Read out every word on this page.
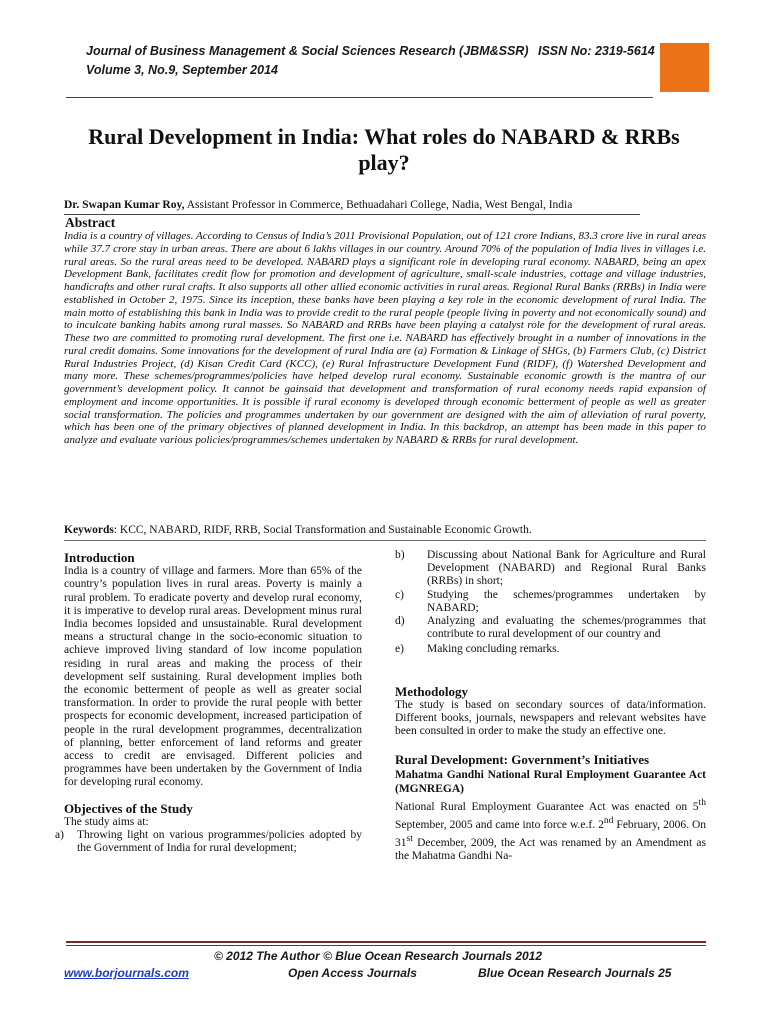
Journal of Business Management & Social Sciences Research (JBM&SSR) ISSN No: 2319-5614
Volume 3, No.9, September 2014
Rural Development in India: What roles do NABARD & RRBs play?
Dr. Swapan Kumar Roy, Assistant Professor in Commerce, Bethuadahari College, Nadia, West Bengal, India
Abstract
India is a country of villages. According to Census of India’s 2011 Provisional Population, out of 121 crore Indians, 83.3 crore live in rural areas while 37.7 crore stay in urban areas. There are about 6 lakhs villages in our country. Around 70% of the population of India lives in villages i.e. rural areas. So the rural areas need to be developed. NABARD plays a significant role in developing rural economy. NABARD, being an apex Development Bank, facilitates credit flow for promotion and development of agriculture, small-scale industries, cottage and village industries, handicrafts and other rural crafts. It also supports all other allied economic activities in rural areas. Regional Rural Banks (RRBs) in India were established in October 2, 1975. Since its inception, these banks have been playing a key role in the economic development of rural India. The main motto of establishing this bank in India was to provide credit to the rural people (people living in poverty and not economically sound) and to inculcate banking habits among rural masses. So NABARD and RRBs have been playing a catalyst role for the development of rural areas. These two are committed to promoting rural development. The first one i.e. NABARD has effectively brought in a number of innovations in the rural credit domains. Some innovations for the development of rural India are (a) Formation & Linkage of SHGs, (b) Farmers Club, (c) District Rural Industries Project, (d) Kisan Credit Card (KCC), (e) Rural Infrastructure Development Fund (RIDF), (f) Watershed Development and many more. These schemes/programmes/policies have helped develop rural economy. Sustainable economic growth is the mantra of our government’s development policy. It cannot be gainsaid that development and transformation of rural economy needs rapid expansion of employment and income opportunities. It is possible if rural economy is developed through economic betterment of people as well as greater social transformation. The policies and programmes undertaken by our government are designed with the aim of alleviation of rural poverty, which has been one of the primary objectives of planned development in India. In this backdrop, an attempt has been made in this paper to analyze and evaluate various policies/programmes/schemes undertaken by NABARD & RRBs for rural development.
Keywords: KCC, NABARD, RIDF, RRB, Social Transformation and Sustainable Economic Growth.
Introduction

India is a country of village and farmers. More than 65% of the country’s population lives in rural areas. Poverty is mainly a rural problem. To eradicate poverty and develop rural economy, it is imperative to develop rural areas. Development minus rural India becomes lopsided and unsustainable. Rural development means a structural change in the socio-economic situation to achieve improved living standard of low income population residing in rural areas and making the process of their development self sustaining. Rural development implies both the economic betterment of people as well as greater social transformation. In order to provide the rural people with better prospects for economic development, increased participation of people in the rural development programmes, decentralization of planning, better enforcement of land reforms and greater access to credit are envisaged. Different policies and programmes have been undertaken by the Government of India for developing rural economy.

Objectives of the Study

The study aims at:

a)	Throwing light on various programmes/policies adopted by the Government of India for rural development;
b)	Discussing about National Bank for Agriculture and Rural Development (NABARD) and Regional Rural Banks (RRBs) in short;
c)	Studying the schemes/programmes undertaken by NABARD;
d)	Analyzing and evaluating the schemes/programmes that contribute to rural development of our country and
e)	Making concluding remarks.
Methodology

The study is based on secondary sources of data/information. Different books, journals, newspapers and relevant websites have been consulted in order to make the study an effective one.

Rural Development: Government’s Initiatives

Mahatma Gandhi National Rural Employment Guarantee Act (MGNREGA)

National Rural Employment Guarantee Act was enacted on 5th September, 2005 and came into force w.e.f. 2nd February, 2006. On 31st December, 2009, the Act was renamed by an Amendment as the Mahatma Gandhi Na-

© 2012 The Author © Blue Ocean Research Journals 2012
www.borjournals.com	Open Access Journals	Blue Ocean Research Journals 25
